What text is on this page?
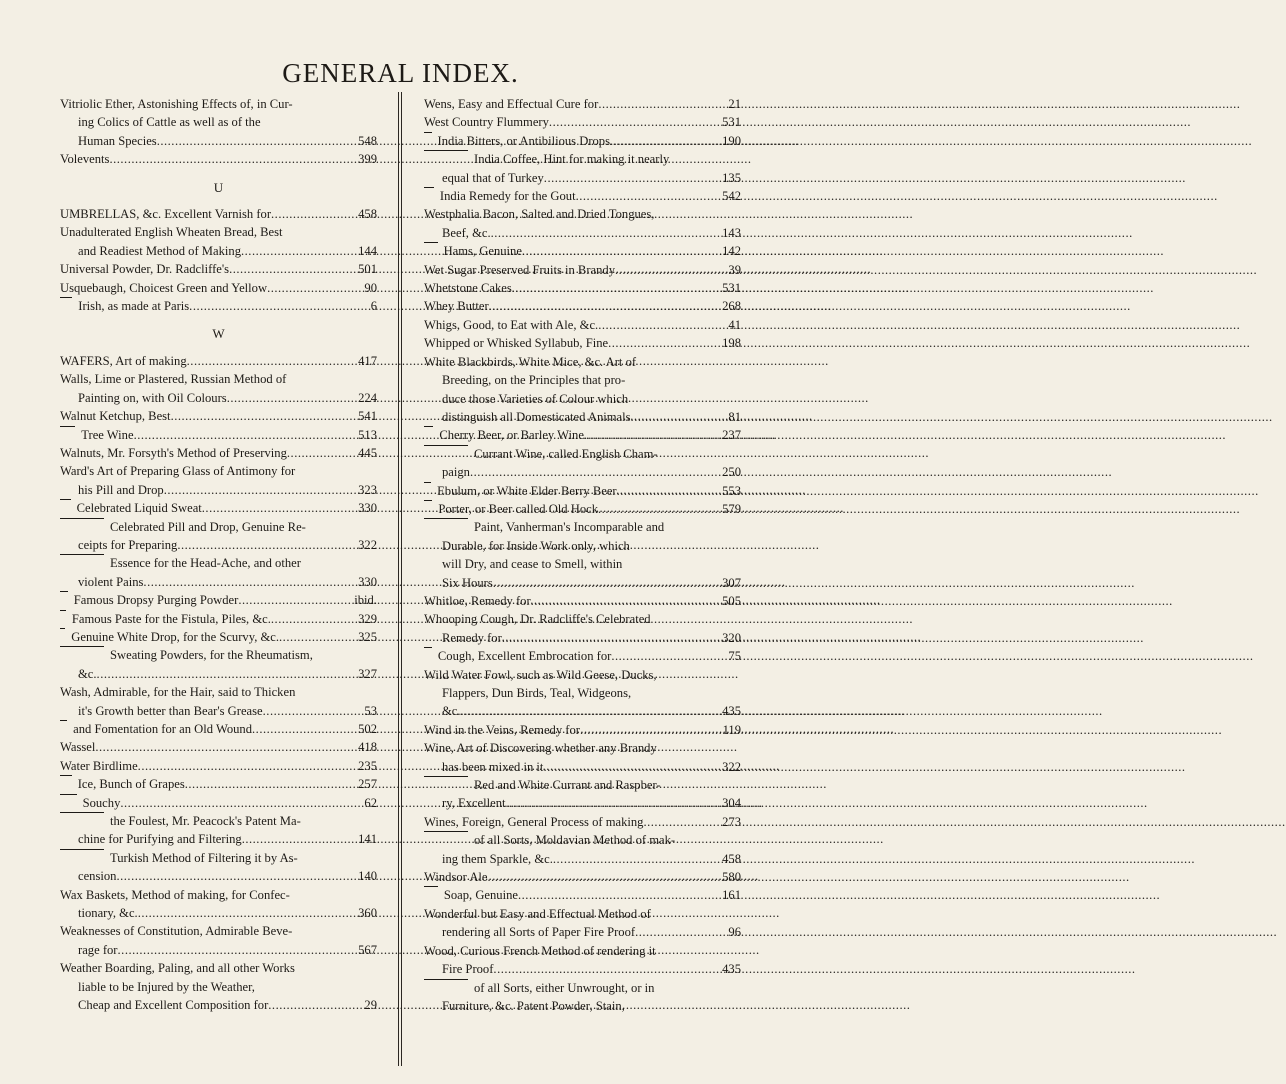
GENERAL INDEX.
Vitriolic Ether, Astonishing Effects of, in Cur-
ing Colics of Cattle as well as of the
Human Species .....	548
Volevents .....	399
U
UMBRELLAS, &c. Excellent Varnish for .....	458
Unadulterated English Wheaten Bread, Best
and Readiest Method of Making .....	144
Universal Powder, Dr. Radcliffe's .....	501
Usquebaugh, Choicest Green and Yellow .....	90
Irish, as made at Paris .....	6
W
WAFERS, Art of making .....	417
Walls, Lime or Plastered, Russian Method of
Painting on, with Oil Colours .....	224
Walnut Ketchup, Best .....	541
Tree Wine .....	513
Walnuts, Mr. Forsyth's Method of Preserving .....	445
Ward's Art of Preparing Glass of Antimony for
his Pill and Drop .....	323
Celebrated Liquid Sweat .....	330
Celebrated Pill and Drop, Genuine Re-
ceipts for Preparing .....	322
Essence for the Head-Ache, and other
violent Pains .....	330
Famous Dropsy Purging Powder .....	ibid.
Famous Paste for the Fistula, Piles, &c. .....	329
Genuine White Drop, for the Scurvy, &c. .....	325
Sweating Powders, for the Rheumatism,
&c. .....	327
Wash, Admirable, for the Hair, said to Thicken
it's Growth better than Bear's Grease .....	53
and Fomentation for an Old Wound .....	502
Wassel .....	418
Water Birdlime .....	235
Ice, Bunch of Grapes .....	257
Souchy .....	62
the Foulest, Mr. Peacock's Patent Ma-
chine for Purifying and Filtering .....	141
Turkish Method of Filtering it by As-
cension .....	140
Wax Baskets, Method of making, for Confec-
tionary, &c. .....	360
Weaknesses of Constitution, Admirable Beve-
rage for .....	567
Weather Boarding, Paling, and all other Works
liable to be Injured by the Weather,
Cheap and Excellent Composition for .....	29
Wens, Easy and Effectual Cure for .....	21
West Country Flummery .....	531
India Bitters, or Antibilious Drops .....	190
India Coffee, Hint for making it nearly
equal that of Turkey .....	135
India Remedy for the Gout .....	542
Westphalia Bacon, Salted and Dried Tongues,
Beef, &c. .....	143
Hams, Genuine .....	142
Wet Sugar Preserved Fruits in Brandy .....	39
Whetstone Cakes .....	531
Whey Butter .....	268
Whigs, Good, to Eat with Ale, &c. .....	41
Whipped or Whisked Syllabub, Fine .....	198
White Blackbirds, White Mice, &c. Art of
Breeding, on the Principles that pro-
duce those Varieties of Colour which
distinguish all Domesticated Animals .....	81
Cherry Beer, or Barley Wine .....	237
Currant Wine, called English Cham-
paign .....	250
Ebulum, or White Elder Berry Beer .....	553
Porter, or Beer called Old Hock .....	579
Paint, Vanherman's Incomparable and
Durable, for Inside Work only, which
will Dry, and cease to Smell, within
Six Hours .....	307
Whitloe, Remedy for .....	505
Whooping Cough, Dr. Radcliffe's Celebrated
Remedy for .....	320
Cough, Excellent Embrocation for .....	75
Wild Water Fowl, such as Wild Geese, Ducks,
Flappers, Dun Birds, Teal, Widgeons,
&c. .....	435
Wind in the Veins, Remedy for .....	119
Wine, Art of Discovering whether any Brandy
has been mixed in it .....	322
Red and White Currant and Raspber-
ry, Excellent .....	304
Wines, Foreign, General Process of making .....	273
of all Sorts, Moldavian Method of mak-
ing them Sparkle, &c. .....	458
Windsor Ale .....	580
Soap, Genuine .....	161
Wonderful but Easy and Effectual Method of
rendering all Sorts of Paper Fire Proof .....	96
Wood, Curious French Method of rendering it
Fire Proof .....	435
of all Sorts, either Unwrought, or in
Furniture, &c. Patent Powder, Stain,
